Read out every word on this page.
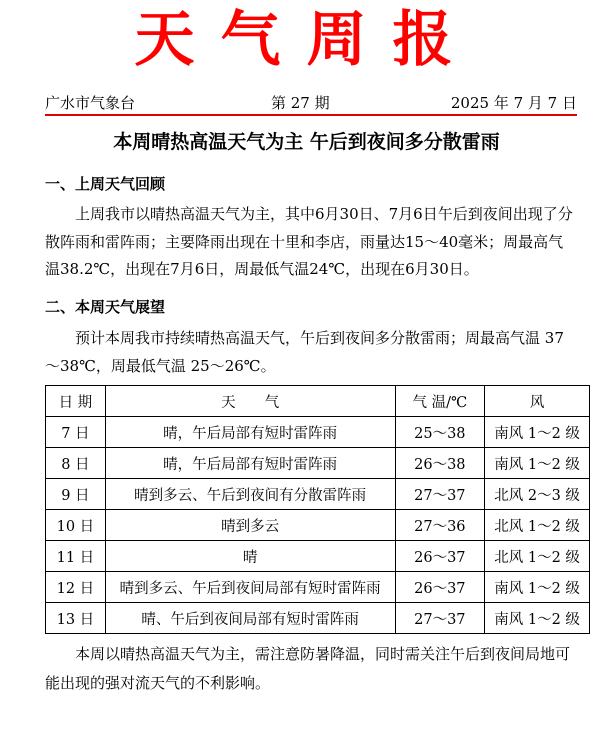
天气周报
广水市气象台	第 27 期	2025 年 7 月 7 日
本周晴热高温天气为主 午后到夜间多分散雷雨
一、上周天气回顾

上周我市以晴热高温天气为主，其中6月30日、7月6日午后到夜间出现了分散阵雨和雷阵雨；主要降雨出现在十里和李店，雨量达15～40毫米；周最高气温38.2℃，出现在7月6日，周最低气温24℃，出现在6月30日。

二、本周天气展望

预计本周我市持续晴热高温天气，午后到夜间多分散雷雨；周最高气温 37～38℃，周最低气温 25～26℃。

日 期	天　　气	气 温/℃	风
7 日	晴，午后局部有短时雷阵雨	25～38	南风 1～2 级
8 日	晴，午后局部有短时雷阵雨	26～38	南风 1～2 级
9 日	晴到多云、午后到夜间有分散雷阵雨	27～37	北风 2～3 级
10 日	晴到多云	27～36	北风 1～2 级
11 日	晴	26～37	北风 1～2 级
12 日	晴到多云、午后到夜间局部有短时雷阵雨	26～37	南风 1～2 级
13 日	晴、午后到夜间局部有短时雷阵雨	27～37	南风 1～2 级

本周以晴热高温天气为主，需注意防暑降温，同时需关注午后到夜间局地可能出现的强对流天气的不利影响。
